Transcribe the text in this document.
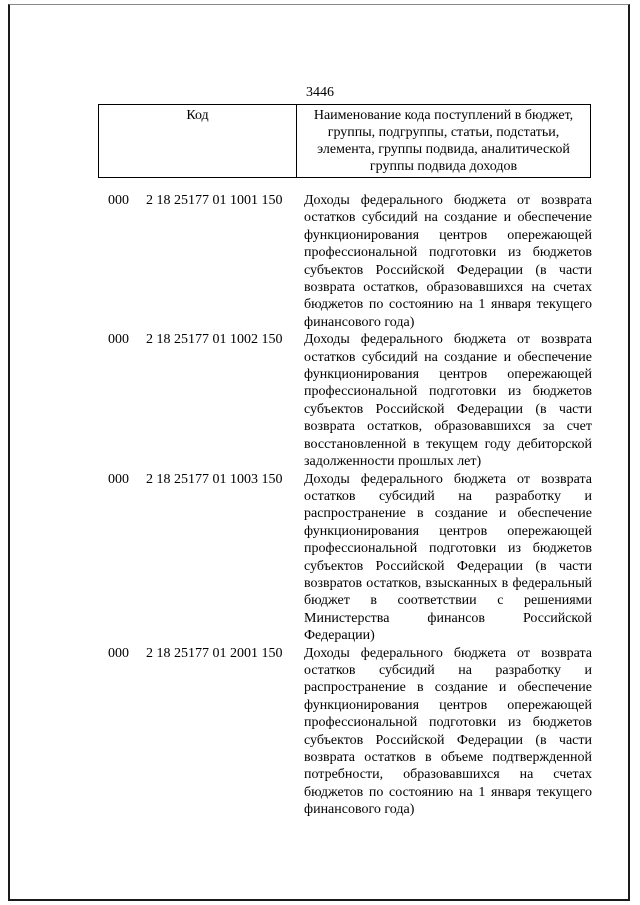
3446
Код	Наименование кода поступлений в бюджет, группы, подгруппы, статьи, подстатьи, элемента, группы подвида, аналитической группы подвида доходов
000	2 18 25177 01 1001 150	Доходы федерального бюджета от возврата остатков субсидий на создание и обеспечение функционирования центров опережающей профессиональной подготовки из бюджетов субъектов Российской Федерации (в части возврата остатков, образовавшихся на счетах бюджетов по состоянию на 1 января текущего финансового года)
000	2 18 25177 01 1002 150	Доходы федерального бюджета от возврата остатков субсидий на создание и обеспечение функционирования центров опережающей профессиональной подготовки из бюджетов субъектов Российской Федерации (в части возврата остатков, образовавшихся за счет восстановленной в текущем году дебиторской задолженности прошлых лет)
000	2 18 25177 01 1003 150	Доходы федерального бюджета от возврата остатков субсидий на разработку и распространение в создание и обеспечение функционирования центров опережающей профессиональной подготовки из бюджетов субъектов Российской Федерации (в части возвратов остатков, взысканных в федеральный бюджет в соответствии с решениями Министерства финансов Российской Федерации)
000	2 18 25177 01 2001 150	Доходы федерального бюджета от возврата остатков субсидий на разработку и распространение в создание и обеспечение функционирования центров опережающей профессиональной подготовки из бюджетов субъектов Российской Федерации (в части возврата остатков в объеме подтвержденной потребности, образовавшихся на счетах бюджетов по состоянию на 1 января текущего финансового года)
